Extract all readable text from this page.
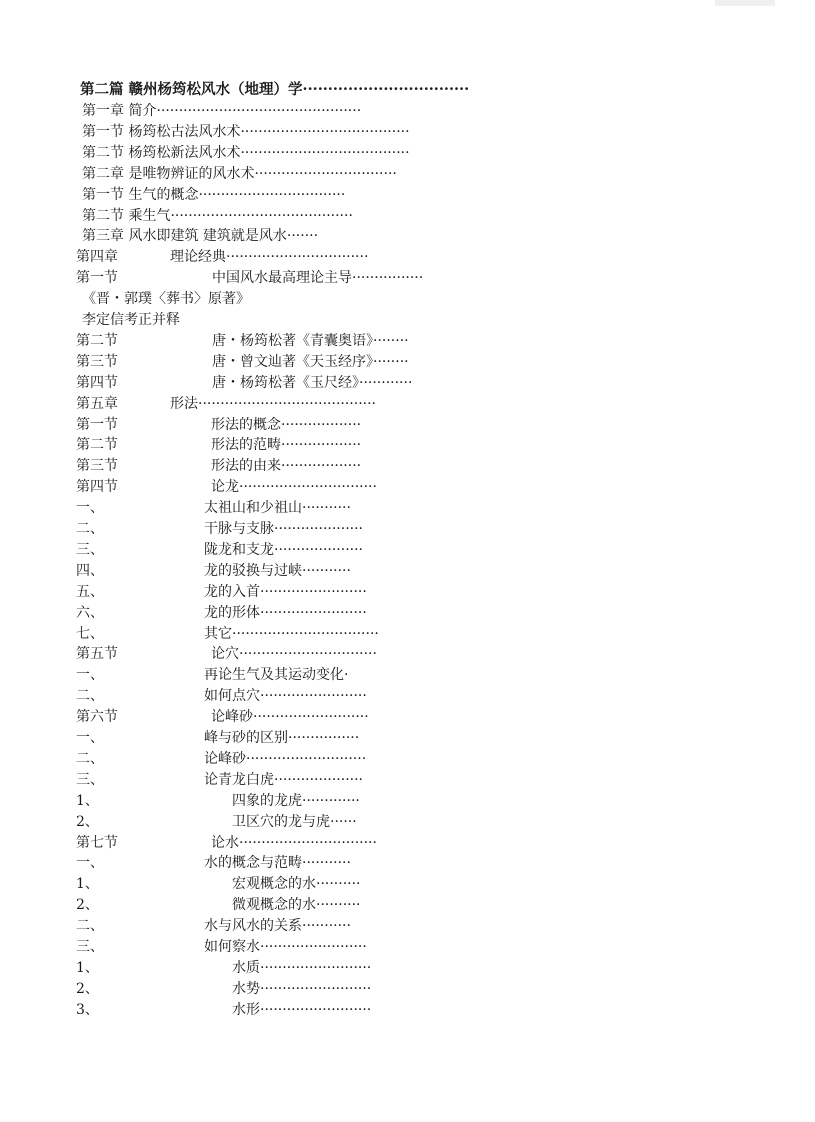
第二篇 赣州杨筠松风水（地理）学·································
第一章 简介··············································
第一节 杨筠松古法风水术······································
第二节 杨筠松新法风水术······································
第二章 是唯物辨证的风水术································
第一节 生气的概念·································
第二节 乘生气·········································
第三章 风水即建筑 建筑就是风水·······
第四章	理论经典································
第一节	中国风水最高理论主导················
《晋・郭璞〈葬书〉原著》
李定信考正并释
第二节	唐・杨筠松著《青囊奥语》········
第三节	唐・曾文辿著《天玉经序》········
第四节	唐・杨筠松著《玉尺经》············
第五章	形法········································
第一节	形法的概念··················
第二节	形法的范畴··················
第三节	形法的由来··················
第四节	论龙·······························
一、	太祖山和少祖山···········
二、	干脉与支脉····················
三、	陇龙和支龙····················
四、	龙的驳换与过峡···········
五、	龙的入首························
六、	龙的形体························
七、	其它·································
第五节	论穴·······························
一、	再论生气及其运动变化·
二、	如何点穴························
第六节	论峰砂··························
一、	峰与砂的区别················
二、	论峰砂···························
三、	论青龙白虎····················
1、	四象的龙虎·············
2、	卫区穴的龙与虎······
第七节	论水·······························
一、	水的概念与范畴···········
1、	宏观概念的水··········
2、	微观概念的水··········
二、	水与风水的关系···········
三、	如何察水························
1、	水质·························
2、	水势·························
3、	水形·························
